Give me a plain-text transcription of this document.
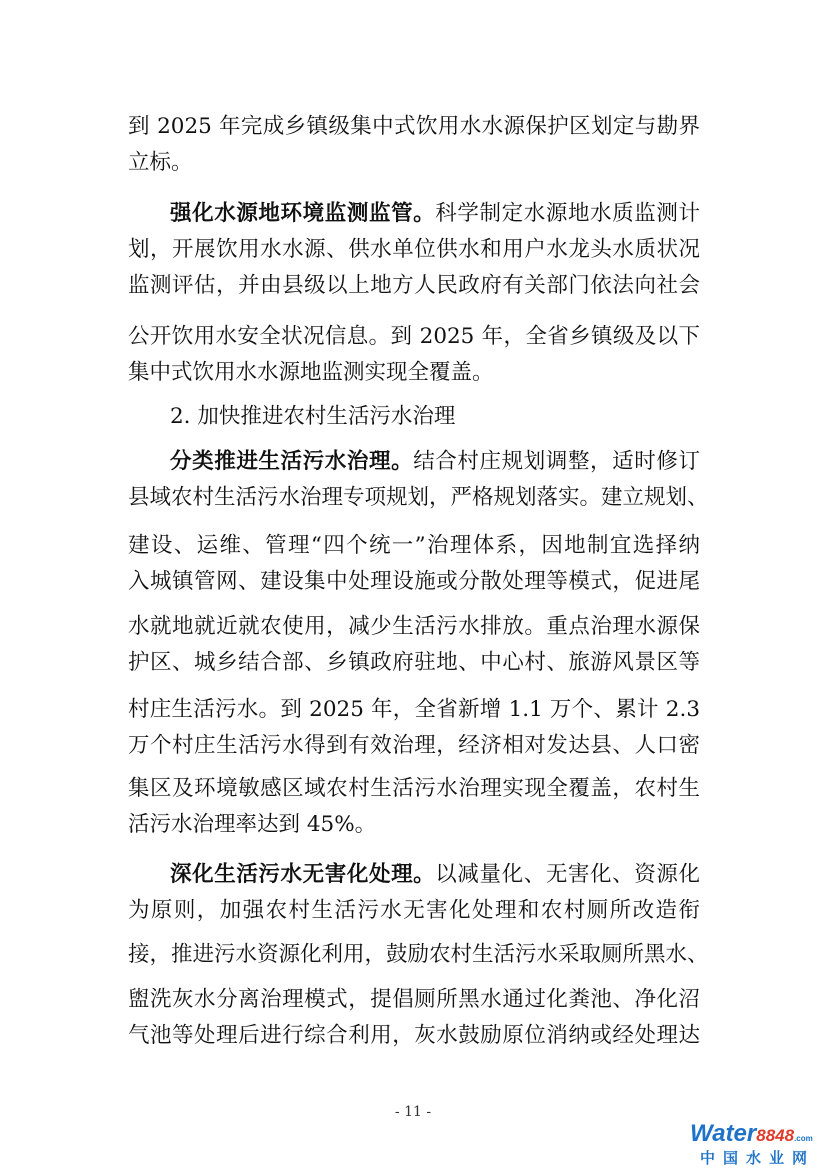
到 2025 年完成乡镇级集中式饮用水水源保护区划定与勘界
立标。
强化水源地环境监测监管。科学制定水源地水质监测计
划，开展饮用水水源、供水单位供水和用户水龙头水质状况
监测评估，并由县级以上地方人民政府有关部门依法向社会
公开饮用水安全状况信息。到 2025 年，全省乡镇级及以下
集中式饮用水水源地监测实现全覆盖。
2. 加快推进农村生活污水治理
分类推进生活污水治理。结合村庄规划调整，适时修订
县域农村生活污水治理专项规划，严格规划落实。建立规划、
建设、运维、管理“四个统一”治理体系，因地制宜选择纳
入城镇管网、建设集中处理设施或分散处理等模式，促进尾
水就地就近就农使用，减少生活污水排放。重点治理水源保
护区、城乡结合部、乡镇政府驻地、中心村、旅游风景区等
村庄生活污水。到 2025 年，全省新增 1.1 万个、累计 2.3
万个村庄生活污水得到有效治理，经济相对发达县、人口密
集区及环境敏感区域农村生活污水治理实现全覆盖，农村生
活污水治理率达到 45%。
深化生活污水无害化处理。以减量化、无害化、资源化
为原则，加强农村生活污水无害化处理和农村厕所改造衔
接，推进污水资源化利用，鼓励农村生活污水采取厕所黑水、
盥洗灰水分离治理模式，提倡厕所黑水通过化粪池、净化沼
气池等处理后进行综合利用，灰水鼓励原位消纳或经处理达
- 11 -
Water8848.com
中国水业网
